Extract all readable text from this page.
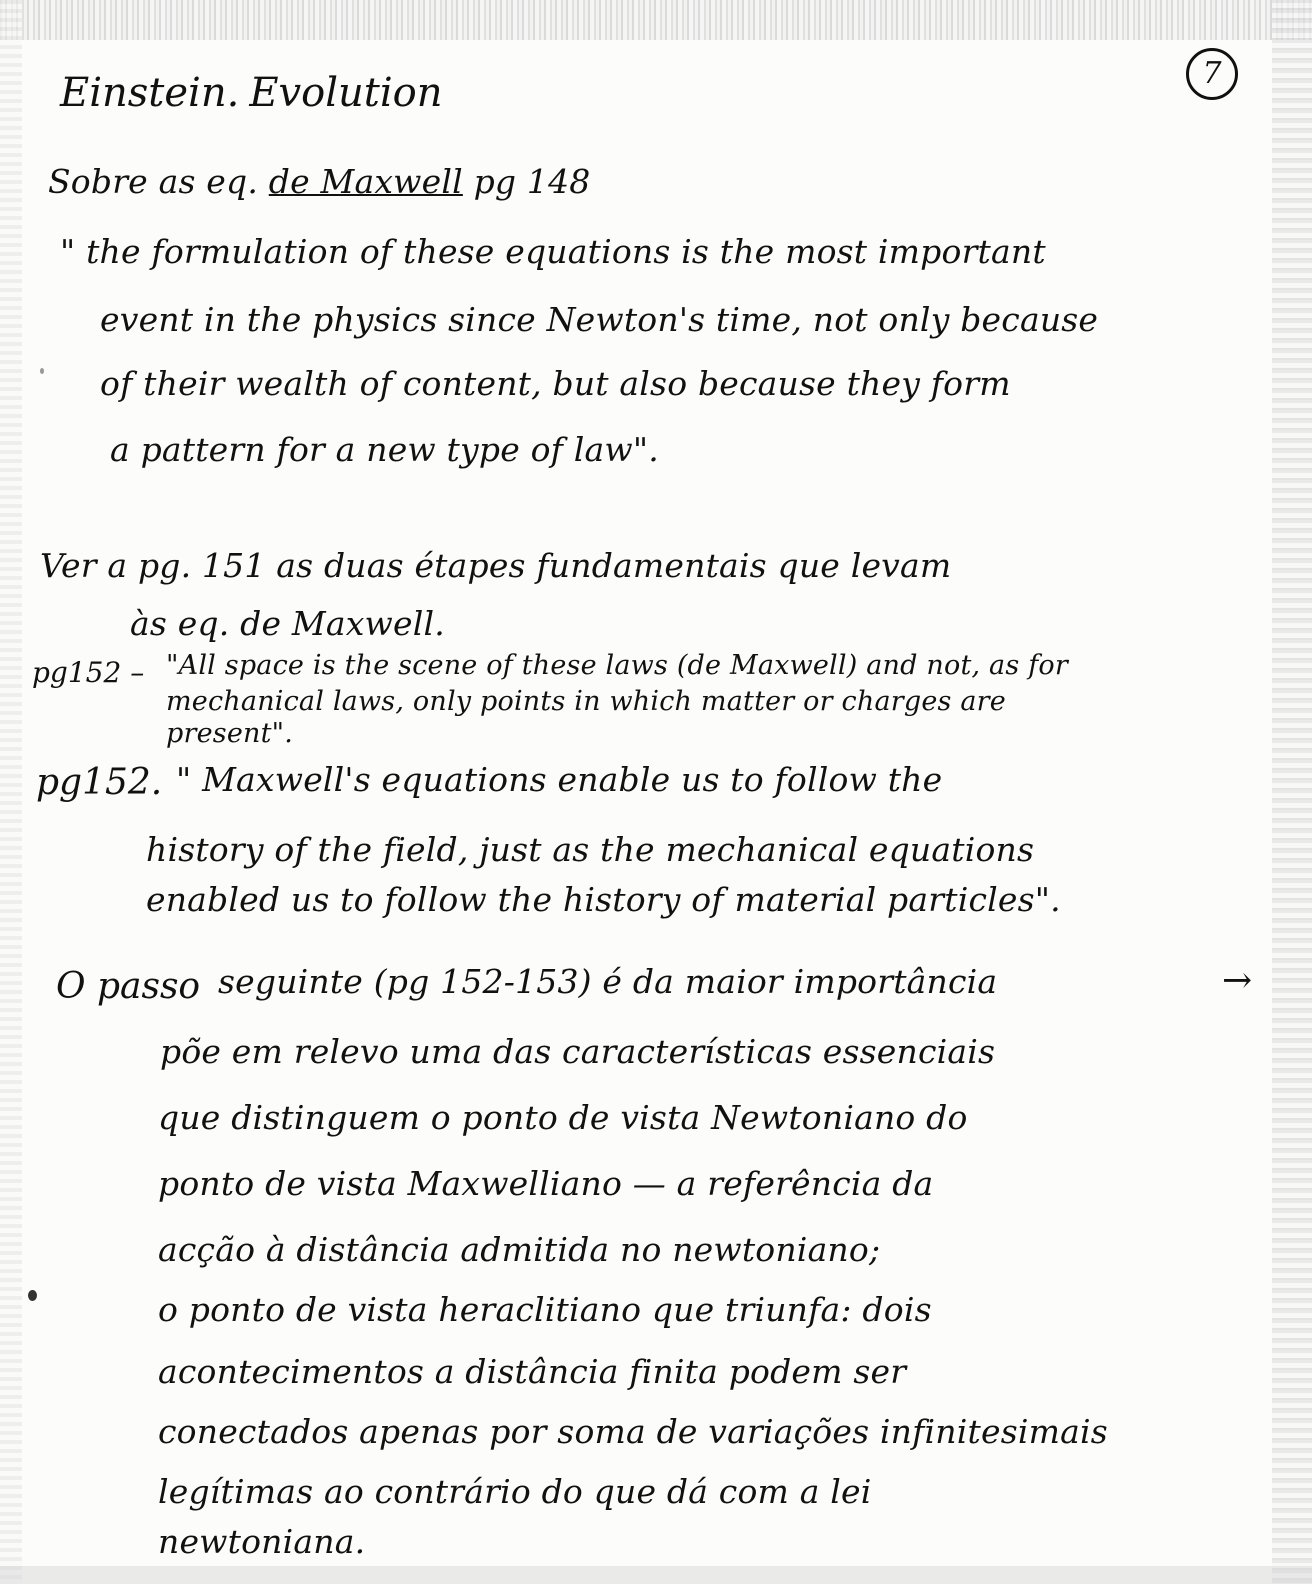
7
Einstein. Evolution
Sobre as eq. de Maxwell pg 148
" the formulation of these equations is the most important
event in the physics since Newton's time, not only because
of their wealth of content, but also because they form
a pattern for a new type of law".
Ver a pg. 151 as duas étapes fundamentais que levam
às eq. de Maxwell.
pg152 – "All space is the scene of these laws (de Maxwell) and not, as for
mechanical laws, only points in which matter or charges are
present".
pg152. " Maxwell's equations enable us to follow the
history of the field, just as the mechanical equations
enabled us to follow the history of material particles".
O passo seguinte (pg 152-153) é da maior importância	→
põe em relevo uma das características essenciais
que distinguem o ponto de vista Newtoniano do
ponto de vista Maxwelliano — a referência da
acção à distância admitida no newtoniano;
o ponto de vista heraclitiano que triunfa: dois
acontecimentos a distância finita podem ser
conectados apenas por soma de variações infinitesimais
legítimas ao contrário do que dá com a lei
newtoniana.
